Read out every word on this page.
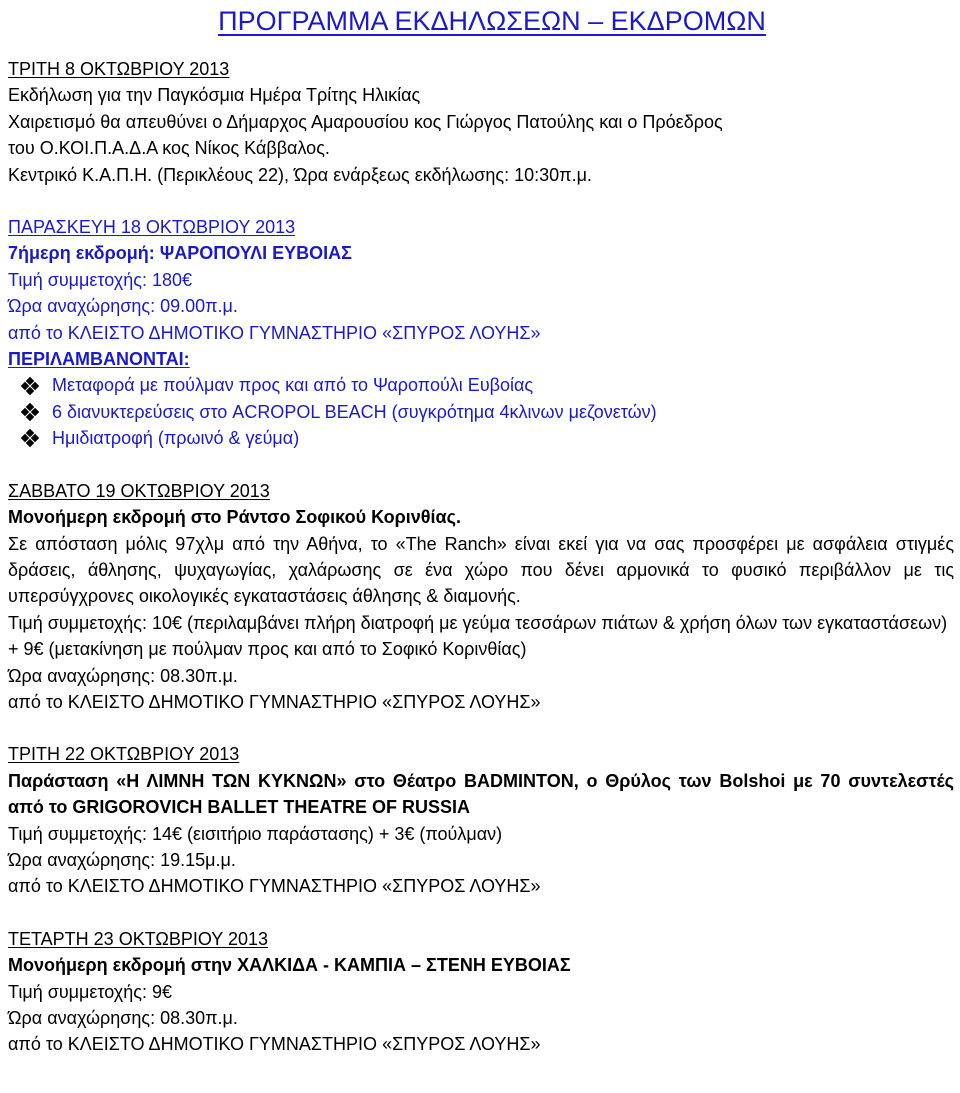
ΠΡΟΓΡΑΜΜΑ ΕΚΔΗΛΩΣΕΩΝ – ΕΚΔΡΟΜΩΝ

ΤΡΙΤΗ 8 ΟΚΤΩΒΡΙΟΥ 2013

Εκδήλωση για την Παγκόσμια Ημέρα Τρίτης Ηλικίας

Χαιρετισμό θα απευθύνει ο Δήμαρχος Αμαρουσίου κος Γιώργος Πατούλης και ο Πρόεδρος

του Ο.ΚΟΙ.Π.Α.Δ.Α κος Νίκος Κάββαλος.

Κεντρικό Κ.Α.Π.Η. (Περικλέους 22), Ώρα ενάρξεως εκδήλωσης: 10:30π.μ.

ΠΑΡΑΣΚΕΥΗ 18 ΟΚΤΩΒΡΙΟΥ 2013

7ήμερη εκδρομή: ΨΑΡΟΠΟΥΛΙ ΕΥΒΟΙΑΣ

Τιμή συμμετοχής: 180€

Ώρα αναχώρησης: 09.00π.μ.

από το ΚΛΕΙΣΤΟ ΔΗΜΟΤΙΚΟ ΓΥΜΝΑΣΤΗΡΙΟ «ΣΠΥΡΟΣ ΛΟΥΗΣ»

ΠΕΡΙΛΑΜΒΑΝΟΝΤΑΙ:

Μεταφορά με πούλμαν προς και από το Ψαροπούλι Ευβοίας
6 διανυκτερεύσεις στο ACROPOL BEACH (συγκρότημα 4κλινων μεζονετών)
Ημιδιατροφή (πρωινό & γεύμα)

ΣΑΒΒΑΤΟ 19 ΟΚΤΩΒΡΙΟΥ 2013

Μονοήμερη εκδρομή στο Ράντσο Σοφικού Κορινθίας.

Σε απόσταση μόλις 97χλμ από την Αθήνα, το «The Ranch» είναι εκεί για να σας προσφέρει με ασφάλεια στιγμές δράσεις, άθλησης, ψυχαγωγίας, χαλάρωσης σε ένα χώρο που δένει αρμονικά το φυσικό περιβάλλον με τις υπερσύγχρονες οικολογικές εγκαταστάσεις άθλησης & διαμονής.

Τιμή συμμετοχής: 10€ (περιλαμβάνει πλήρη διατροφή με γεύμα τεσσάρων πιάτων & χρήση όλων των εγκαταστάσεων) + 9€ (μετακίνηση με πούλμαν προς και από το Σοφικό Κορινθίας)

Ώρα αναχώρησης: 08.30π.μ.

από το ΚΛΕΙΣΤΟ ΔΗΜΟΤΙΚΟ ΓΥΜΝΑΣΤΗΡΙΟ «ΣΠΥΡΟΣ ΛΟΥΗΣ»

ΤΡΙΤΗ 22 ΟΚΤΩΒΡΙΟΥ 2013

Παράσταση «Η ΛΙΜΝΗ ΤΩΝ ΚΥΚΝΩΝ» στο Θέατρο BADMINTON, ο Θρύλος των Bolshoi με 70 συντελεστές από το GRIGOROVICH BALLET THEATRE OF RUSSIA

Τιμή συμμετοχής: 14€ (εισιτήριο παράστασης) + 3€ (πούλμαν)

Ώρα αναχώρησης: 19.15μ.μ.

από το ΚΛΕΙΣΤΟ ΔΗΜΟΤΙΚΟ ΓΥΜΝΑΣΤΗΡΙΟ «ΣΠΥΡΟΣ ΛΟΥΗΣ»

ΤΕΤΑΡΤΗ 23 ΟΚΤΩΒΡΙΟΥ 2013

Μονοήμερη εκδρομή στην ΧΑΛΚΙΔΑ - ΚΑΜΠΙΑ – ΣΤΕΝΗ ΕΥΒΟΙΑΣ

Τιμή συμμετοχής: 9€

Ώρα αναχώρησης: 08.30π.μ.

από το ΚΛΕΙΣΤΟ ΔΗΜΟΤΙΚΟ ΓΥΜΝΑΣΤΗΡΙΟ «ΣΠΥΡΟΣ ΛΟΥΗΣ»
